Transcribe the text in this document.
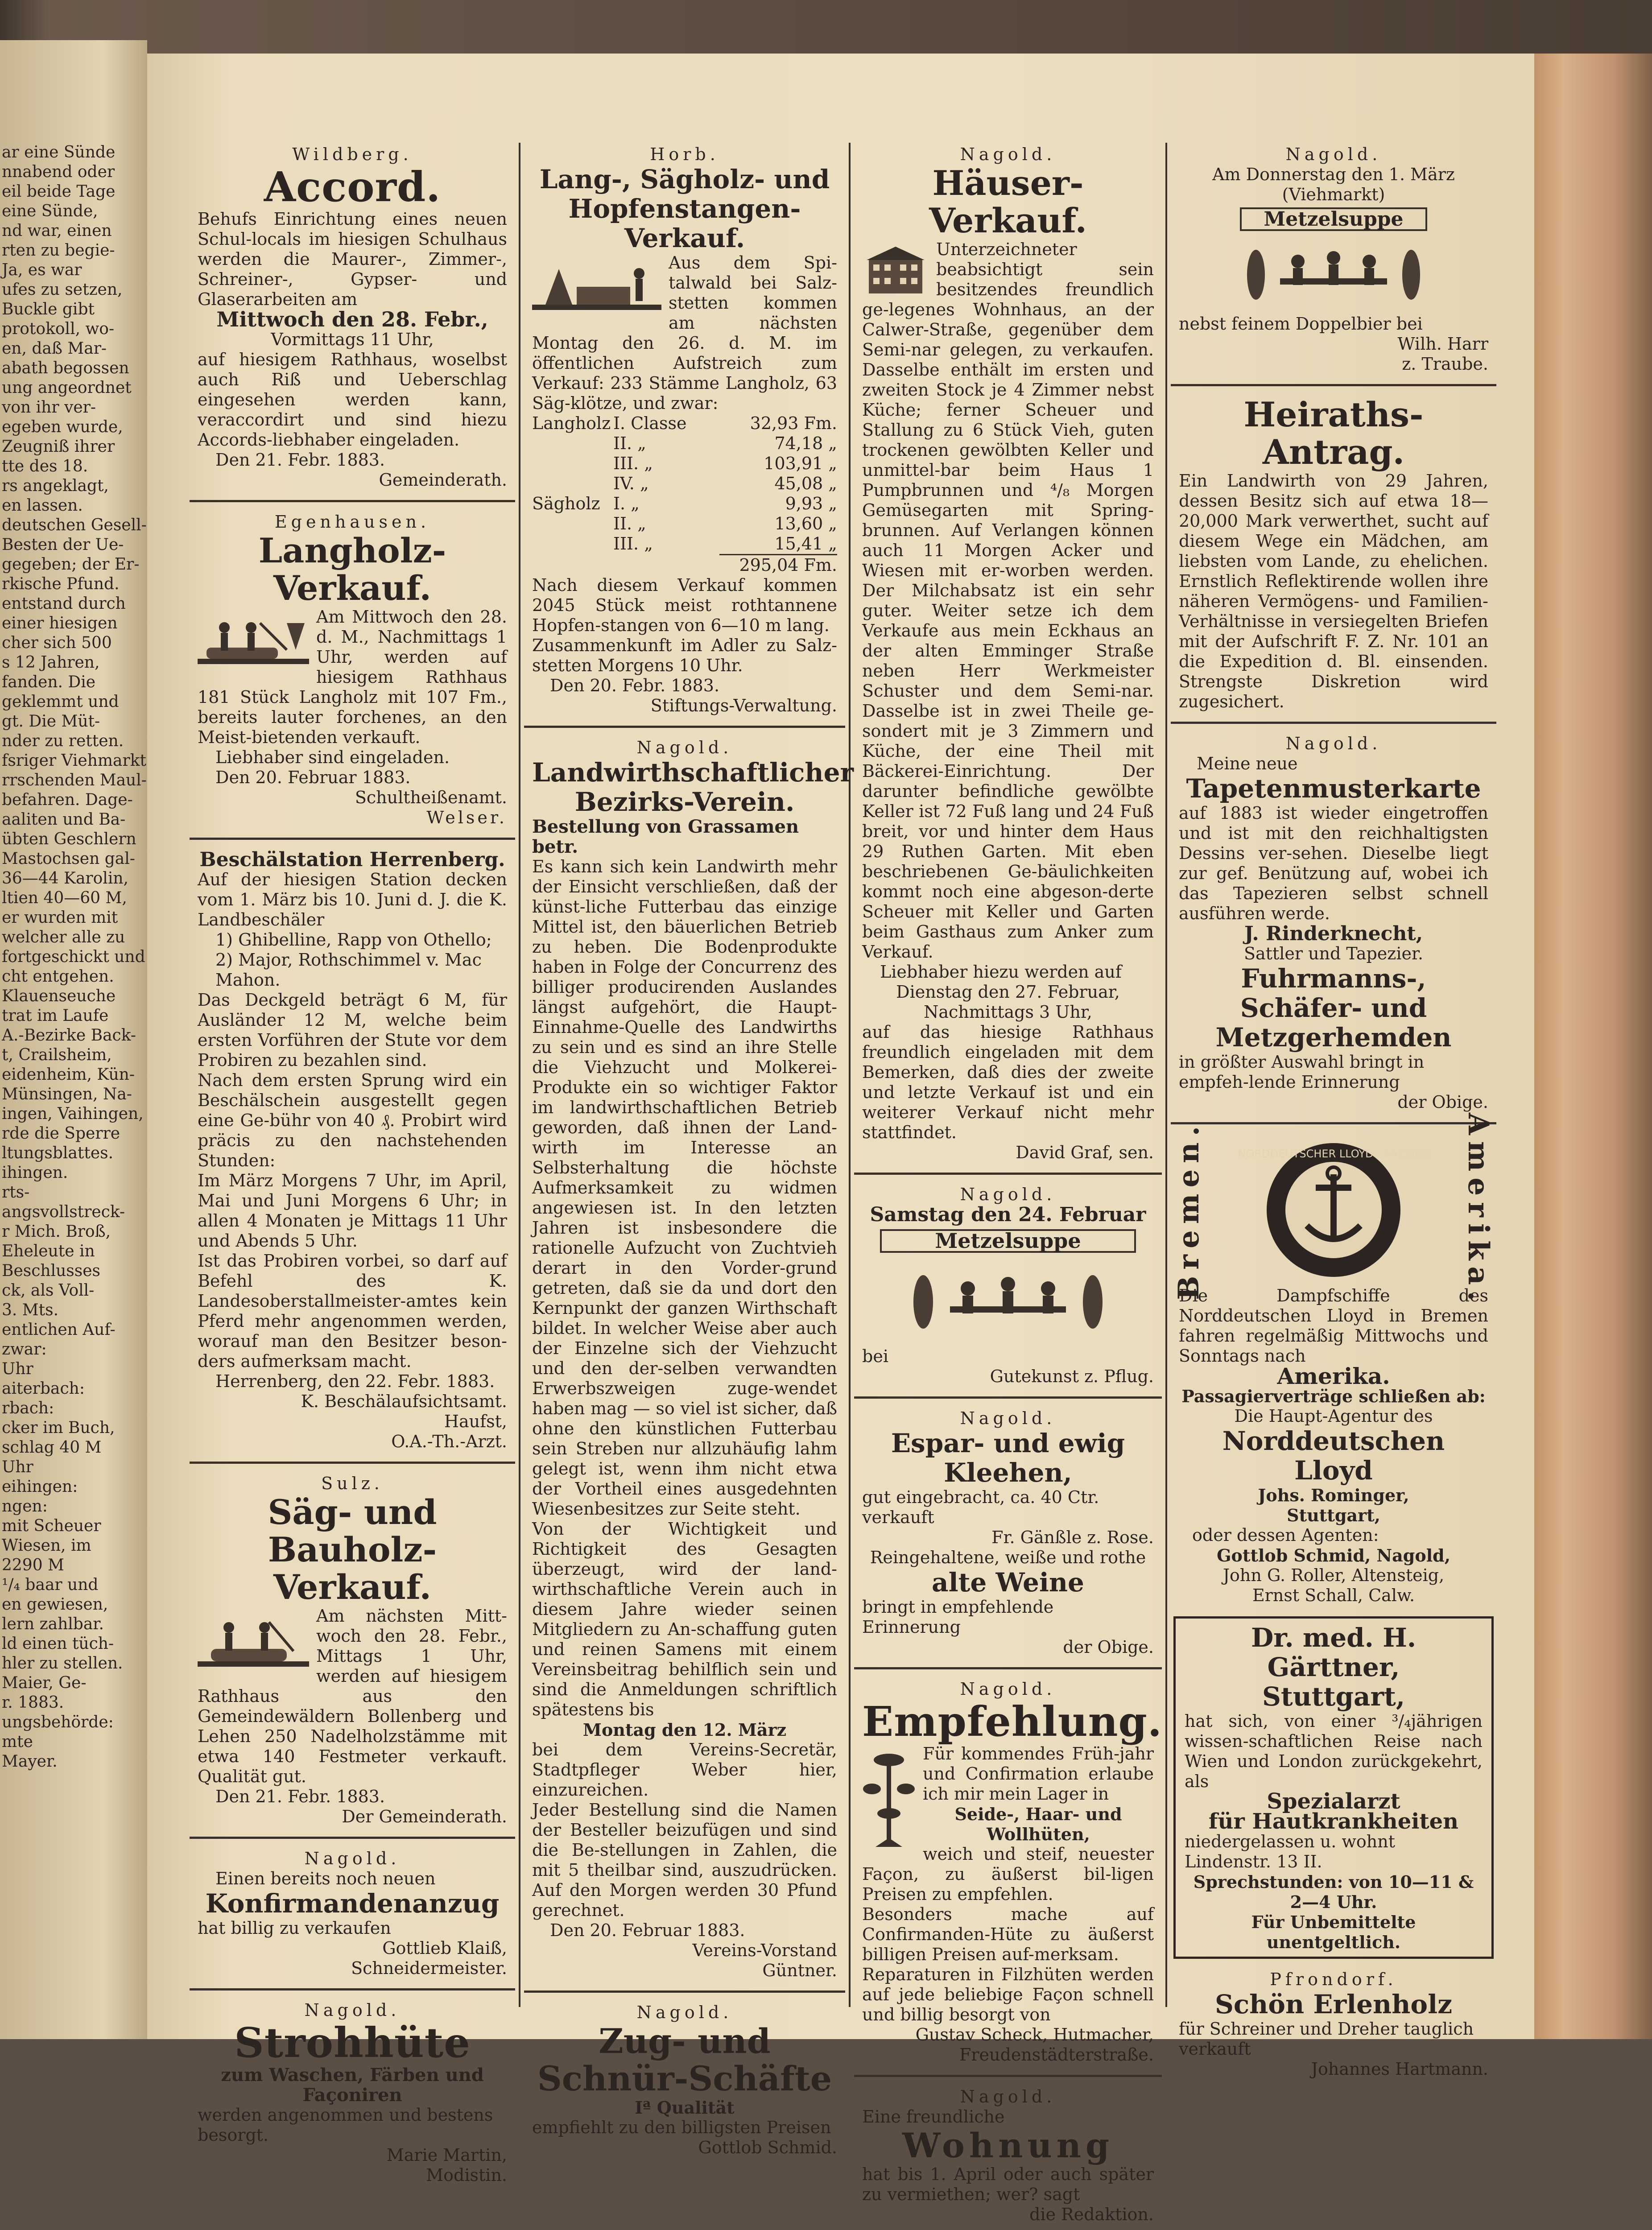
ar eine Sünde
nnabend oder
eil beide Tage
eine Sünde,
nd war, einen
rten zu begie-
Ja, es war
ufes zu setzen,
Buckle gibt
protokoll, wo-
en, daß Mar-
abath begossen
ung angeordnet
von ihr ver-
egeben wurde,
Zeugniß ihrer
tte des 18.
rs angeklagt,
en lassen.
deutschen Gesell-
Besten der Ue-
gegeben; der Er-
rkische Pfund.
entstand durch
einer hiesigen
cher sich 500
s 12 Jahren,
fanden. Die
geklemmt und
gt. Die Müt-
nder zu retten.
fsriger Viehmarkt
rrschenden Maul-
befahren. Dage-
aaliten und Ba-
übten Geschlern
Mastochsen gal-
36—44 Karolin,
ltien 40—60 M,
er wurden mit
welcher alle zu
fortgeschickt und
cht entgehen.
Klauenseuche
trat im Laufe
A.-Bezirke Back-
t, Crailsheim,
eidenheim, Kün-
Münsingen, Na-
ingen, Vaihingen,
rde die Sperre
ltungsblattes.
ihingen.
rts-
angsvollstreck-
r Mich. Broß,
Eheleute in
Beschlusses
ck, als Voll-
3. Mts.
entlichen Auf-
zwar:
Uhr
aiterbach:
rbach:
cker im Buch,
schlag 40 M
Uhr
eihingen:
ngen:
mit Scheuer
Wiesen, im
2290 M
¹/₄ baar und
en gewiesen,
lern zahlbar.
ld einen tüch-
hler zu stellen.
Maier, Ge-
r. 1883.
ungsbehörde:
mte
Mayer.
Wildberg.
Accord.
Behufs Einrichtung eines neuen Schul-locals im hiesigen Schulhaus werden die Maurer-, Zimmer-, Schreiner-, Gypser- und Glaserarbeiten am
Mittwoch den 28. Febr.,
Vormittags 11 Uhr,
auf hiesigem Rathhaus, woselbst auch Riß und Ueberschlag eingesehen werden kann, veraccordirt und sind hiezu Accords-liebhaber eingeladen.
Den 21. Febr. 1883.
Gemeinderath.
Egenhausen.
Langholz-Verkauf.
Am Mittwoch den 28. d. M., Nachmittags 1 Uhr, werden auf hiesigem Rathhaus 181 Stück Langholz mit 107 Fm., bereits lauter forchenes, an den Meist-bietenden verkauft.
Liebhaber sind eingeladen.
Den 20. Februar 1883.
Schultheißenamt.
Welser.
Beschälstation Herrenberg.
Auf der hiesigen Station decken vom 1. März bis 10. Juni d. J. die K. Landbeschäler
1) Ghibelline, Rapp von Othello;
2) Major, Rothschimmel v. Mac Mahon.
Das Deckgeld beträgt 6 M, für Ausländer 12 M, welche beim ersten Vorführen der Stute vor dem Probiren zu bezahlen sind.
Nach dem ersten Sprung wird ein Beschälschein ausgestellt gegen eine Ge-bühr von 40 ₰. Probirt wird präcis zu den nachstehenden Stunden:
Im März Morgens 7 Uhr, im April, Mai und Juni Morgens 6 Uhr; in allen 4 Monaten je Mittags 11 Uhr und Abends 5 Uhr.
Ist das Probiren vorbei, so darf auf Befehl des K. Landesoberstallmeister-amtes kein Pferd mehr angenommen werden, worauf man den Besitzer beson-ders aufmerksam macht.
Herrenberg, den 22. Febr. 1883.
K. Beschälaufsichtsamt.
Haufst,
O.A.-Th.-Arzt.
Sulz.
Säg- und Bauholz-Verkauf.
Am nächsten Mitt-woch den 28. Febr., Mittags 1 Uhr, werden auf hiesigem Rathhaus aus den Gemeindewäldern Bollenberg und Lehen 250 Nadelholzstämme mit etwa 140 Festmeter verkauft. Qualität gut.
Den 21. Febr. 1883.
Der Gemeinderath.
Nagold.
Einen bereits noch neuen
Konfirmandenanzug
hat billig zu verkaufen
Gottlieb Klaiß,
Schneidermeister.
Nagold.
Strohhüte
zum Waschen, Färben und Façoniren
werden angenommen und bestens besorgt.
Marie Martin,
Modistin.
Horb.
Lang-, Sägholz- und Hopfenstangen-Verkauf.
Aus dem Spi-talwald bei Salz-stetten kommen am nächsten Montag den 26. d. M. im öffentlichen Aufstreich zum Verkauf: 233 Stämme Langholz, 63 Säg-klötze, und zwar:
Langholz I. Classe	32,93 Fm.
II. „	74,18 „
III. „	103,91 „
IV. „	45,08 „
Sägholz I. „	9,93 „
II. „	13,60 „
III. „	15,41 „
295,04 Fm.
Nach diesem Verkauf kommen 2045 Stück meist rothtannene Hopfen-stangen von 6—10 m lang.
Zusammenkunft im Adler zu Salz-stetten Morgens 10 Uhr.
Den 20. Febr. 1883.
Stiftungs-Verwaltung.
Nagold.
Landwirthschaftlicher Bezirks-Verein.
Bestellung von Grassamen betr.
Es kann sich kein Landwirth mehr der Einsicht verschließen, daß der künst-liche Futterbau das einzige Mittel ist, den bäuerlichen Betrieb zu heben. Die Bodenprodukte haben in Folge der Concurrenz des billiger producirenden Auslandes längst aufgehört, die Haupt-Einnahme-Quelle des Landwirths zu sein und es sind an ihre Stelle die Viehzucht und Molkerei-Produkte ein so wichtiger Faktor im landwirthschaftlichen Betrieb geworden, daß ihnen der Land-wirth im Interesse an Selbsterhaltung die höchste Aufmerksamkeit zu widmen angewiesen ist. In den letzten Jahren ist insbesondere die rationelle Aufzucht von Zuchtvieh derart in den Vorder-grund getreten, daß sie da und dort den Kernpunkt der ganzen Wirthschaft bildet. In welcher Weise aber auch der Einzelne sich der Viehzucht und den der-selben verwandten Erwerbszweigen zuge-wendet haben mag — so viel ist sicher, daß ohne den künstlichen Futterbau sein Streben nur allzuhäufig lahm gelegt ist, wenn ihm nicht etwa der Vortheil eines ausgedehnten Wiesenbesitzes zur Seite steht.
Von der Wichtigkeit und Richtigkeit des Gesagten überzeugt, wird der land-wirthschaftliche Verein auch in diesem Jahre wieder seinen Mitgliedern zu An-schaffung guten und reinen Samens mit einem Vereinsbeitrag behilflich sein und sind die Anmeldungen schriftlich spätestens bis
Montag den 12. März
bei dem Vereins-Secretär, Stadtpfleger Weber hier, einzureichen.
Jeder Bestellung sind die Namen der Besteller beizufügen und sind die Be-stellungen in Zahlen, die mit 5 theilbar sind, auszudrücken. Auf den Morgen werden 30 Pfund gerechnet.
Den 20. Februar 1883.
Vereins-Vorstand
Güntner.
Nagold.
Zug- und Schnür-Schäfte
Iª Qualität
empfiehlt zu den billigsten Preisen
Gottlob Schmid.
Nagold.
Häuser-Verkauf.
Unterzeichneter beabsichtigt sein besitzendes freundlich ge-legenes Wohnhaus, an der Calwer-Straße, gegenüber dem Semi-nar gelegen, zu verkaufen. Dasselbe enthält im ersten und zweiten Stock je 4 Zimmer nebst Küche; ferner Scheuer und Stallung zu 6 Stück Vieh, guten trockenen gewölbten Keller und unmittel-bar beim Haus 1 Pumpbrunnen und ⁴/₈ Morgen Gemüsegarten mit Spring-brunnen. Auf Verlangen können auch 11 Morgen Acker und Wiesen mit er-worben werden. Der Milchabsatz ist ein sehr guter. Weiter setze ich dem Verkaufe aus mein Eckhaus an der alten Emminger Straße neben Herr Werkmeister Schuster und dem Semi-nar. Dasselbe ist in zwei Theile ge-sondert mit je 3 Zimmern und Küche, der eine Theil mit Bäckerei-Einrichtung. Der darunter befindliche gewölbte Keller ist 72 Fuß lang und 24 Fuß breit, vor und hinter dem Haus 29 Ruthen Garten. Mit eben beschriebenen Ge-bäulichkeiten kommt noch eine abgeson-derte Scheuer mit Keller und Garten beim Gasthaus zum Anker zum Verkauf.
Liebhaber hiezu werden auf
Dienstag den 27. Februar,
Nachmittags 3 Uhr,
auf das hiesige Rathhaus freundlich eingeladen mit dem Bemerken, daß dies der zweite und letzte Verkauf ist und ein weiterer Verkauf nicht mehr stattfindet.
David Graf, sen.
Nagold.
Samstag den 24. Februar
Metzelsuppe
bei
Gutekunst z. Pflug.
Nagold.
Espar- und ewig Kleehen,
gut eingebracht, ca. 40 Ctr. verkauft
Fr. Gänßle z. Rose.
Reingehaltene, weiße und rothe
alte Weine
bringt in empfehlende Erinnerung
der Obige.
Nagold.
Empfehlung.
Für kommendes Früh-jahr und Confirmation erlaube ich mir mein Lager in
Seide-, Haar- und Wollhüten,
weich und steif, neuester Façon, zu äußerst bil-ligen Preisen zu empfehlen.
Besonders mache auf Confirmanden-Hüte zu äußerst billigen Preisen auf-merksam.
Reparaturen in Filzhüten werden auf jede beliebige Façon schnell und billig besorgt von
Gustav Scheck, Hutmacher,
Freudenstädterstraße.
Nagold.
Eine freundliche
Wohnung
hat bis 1. April oder auch später zu vermiethen; wer? sagt
die Redaktion.
Nagold.
Am Donnerstag den 1. März
(Viehmarkt)
Metzelsuppe
nebst feinem Doppelbier bei
Wilh. Harr
z. Traube.
Heiraths-Antrag.
Ein Landwirth von 29 Jahren, dessen Besitz sich auf etwa 18—20,000 Mark verwerthet, sucht auf diesem Wege ein Mädchen, am liebsten vom Lande, zu ehelichen. Ernstlich Reflektirende wollen ihre näheren Vermögens- und Familien-Verhältnisse in versiegelten Briefen mit der Aufschrift F. Z. Nr. 101 an die Expedition d. Bl. einsenden. Strengste Diskretion wird zugesichert.
Nagold.
Meine neue
Tapetenmusterkarte
auf 1883 ist wieder eingetroffen und ist mit den reichhaltigsten Dessins ver-sehen. Dieselbe liegt zur gef. Benützung auf, wobei ich das Tapezieren selbst schnell ausführen werde.
J. Rinderknecht,
Sattler und Tapezier.
Fuhrmanns-, Schäfer- und Metzgerhemden
in größter Auswahl bringt in empfeh-lende Erinnerung
der Obige.
Bremen.	NORDDEUTSCHER LLOYD · BREMEN Amerika.
Die Dampfschiffe des Norddeutschen Lloyd in Bremen fahren regelmäßig Mittwochs und Sonntags nach
Amerika.
Passagierverträge schließen ab:
Die Haupt-Agentur des
Norddeutschen Lloyd
Johs. Rominger,
Stuttgart,
oder dessen Agenten:
Gottlob Schmid, Nagold,
John G. Roller, Altensteig,
Ernst Schall, Calw.
Dr. med. H. Gärttner,
Stuttgart,
hat sich, von einer ³/₄jährigen wissen-schaftlichen Reise nach Wien und London zurückgekehrt, als
Spezialarzt
für Hautkrankheiten
niedergelassen u. wohnt Lindenstr. 13 II.
Sprechstunden: von 10—11 & 2—4 Uhr.
Für Unbemittelte unentgeltlich.
Pfrondorf.
Schön Erlenholz
für Schreiner und Dreher tauglich verkauft
Johannes Hartmann.
